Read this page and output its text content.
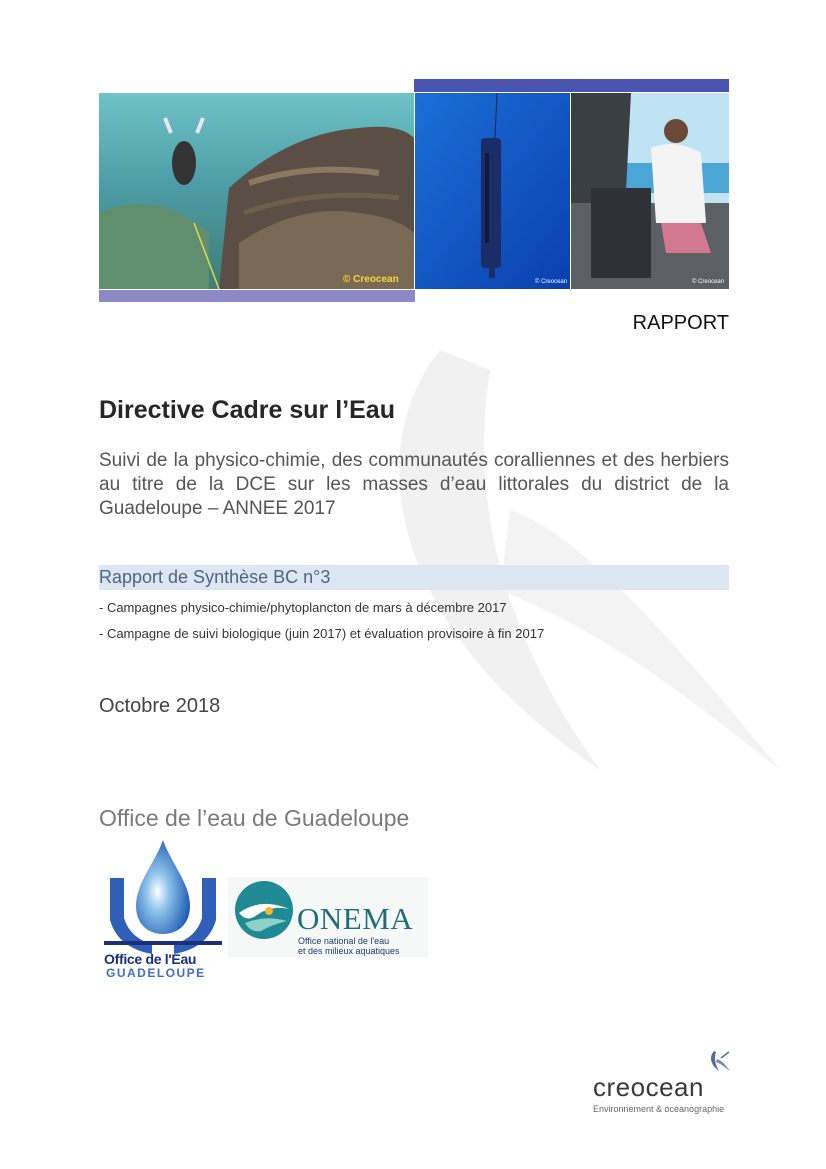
© Creocean	© Creocean	© Creocean
RAPPORT
Directive Cadre sur l’Eau
Suivi de la physico-chimie, des communautés coralliennes et des herbiers au titre de la DCE sur les masses d’eau littorales du district de la Guadeloupe – ANNEE 2017
Rapport de Synthèse BC n°3
- Campagnes physico-chimie/phytoplancton de mars à décembre 2017
- Campagne de suivi biologique (juin 2017) et évaluation provisoire à fin 2017
Octobre 2018
Office de l’eau de Guadeloupe
Office de l'Eau
GUADELOUPE
ONEMA
Office national de l'eau
et des milieux aquatiques
creocean
Environnement & océanographie
